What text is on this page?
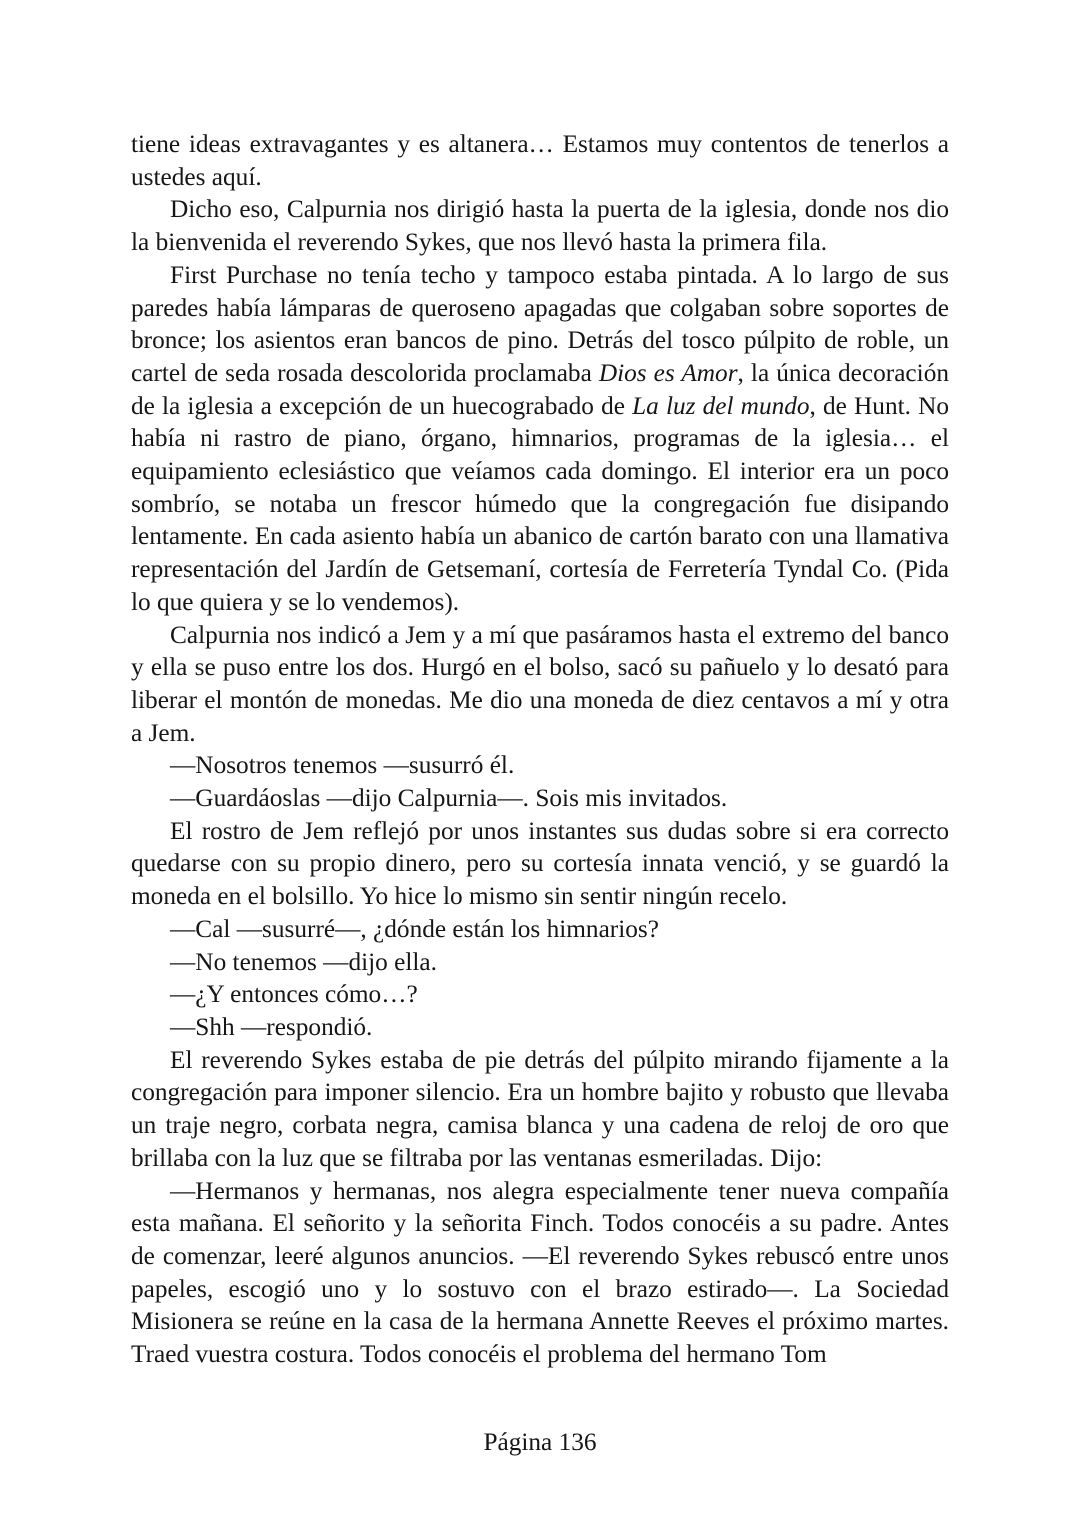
tiene ideas extravagantes y es altanera… Estamos muy contentos de tenerlos a ustedes aquí.

Dicho eso, Calpurnia nos dirigió hasta la puerta de la iglesia, donde nos dio la bienvenida el reverendo Sykes, que nos llevó hasta la primera fila.

First Purchase no tenía techo y tampoco estaba pintada. A lo largo de sus paredes había lámparas de queroseno apagadas que colgaban sobre soportes de bronce; los asientos eran bancos de pino. Detrás del tosco púlpito de roble, un cartel de seda rosada descolorida proclamaba Dios es Amor, la única decoración de la iglesia a excepción de un huecograbado de La luz del mundo, de Hunt. No había ni rastro de piano, órgano, himnarios, programas de la iglesia… el equipamiento eclesiástico que veíamos cada domingo. El interior era un poco sombrío, se notaba un frescor húmedo que la congregación fue disipando lentamente. En cada asiento había un abanico de cartón barato con una llamativa representación del Jardín de Getsemaní, cortesía de Ferretería Tyndal Co. (Pida lo que quiera y se lo vendemos).

Calpurnia nos indicó a Jem y a mí que pasáramos hasta el extremo del banco y ella se puso entre los dos. Hurgó en el bolso, sacó su pañuelo y lo desató para liberar el montón de monedas. Me dio una moneda de diez centavos a mí y otra a Jem.

—Nosotros tenemos —susurró él.

—Guardáoslas —dijo Calpurnia—. Sois mis invitados.

El rostro de Jem reflejó por unos instantes sus dudas sobre si era correcto quedarse con su propio dinero, pero su cortesía innata venció, y se guardó la moneda en el bolsillo. Yo hice lo mismo sin sentir ningún recelo.

—Cal —susurré—, ¿dónde están los himnarios?

—No tenemos —dijo ella.

—¿Y entonces cómo…?

—Shh —respondió.

El reverendo Sykes estaba de pie detrás del púlpito mirando fijamente a la congregación para imponer silencio. Era un hombre bajito y robusto que llevaba un traje negro, corbata negra, camisa blanca y una cadena de reloj de oro que brillaba con la luz que se filtraba por las ventanas esmeriladas. Dijo:

—Hermanos y hermanas, nos alegra especialmente tener nueva compañía esta mañana. El señorito y la señorita Finch. Todos conocéis a su padre. Antes de comenzar, leeré algunos anuncios. —El reverendo Sykes rebuscó entre unos papeles, escogió uno y lo sostuvo con el brazo estirado—. La Sociedad Misionera se reúne en la casa de la hermana Annette Reeves el próximo martes. Traed vuestra costura. Todos conocéis el problema del hermano Tom

Página 136
